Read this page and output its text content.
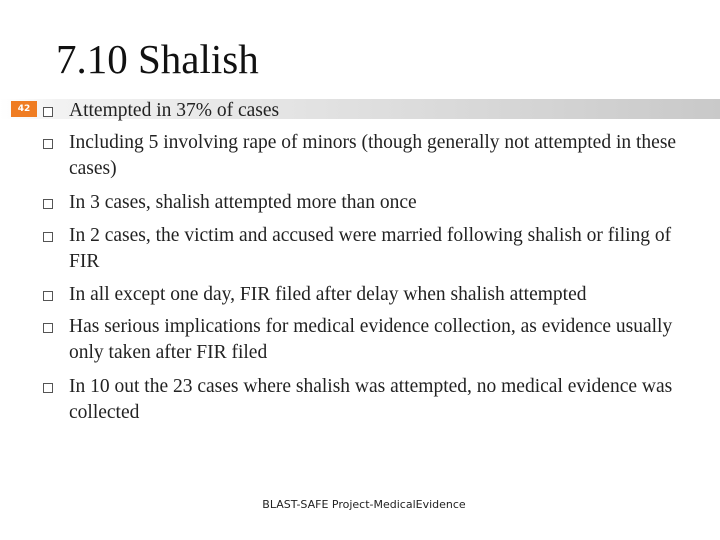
7.10 Shalish
42	Attempted in 37% of cases
Including 5 involving rape of minors (though generally not attempted in these cases)
In 3 cases, shalish attempted more than once
In 2 cases, the victim and accused were married following shalish or filing of FIR
In all except one day, FIR filed after delay when shalish attempted
Has serious implications for medical evidence collection, as evidence usually only taken after FIR filed
In 10 out the 23 cases where shalish was attempted, no medical evidence was collected
BLAST-SAFE Project-MedicalEvidence
